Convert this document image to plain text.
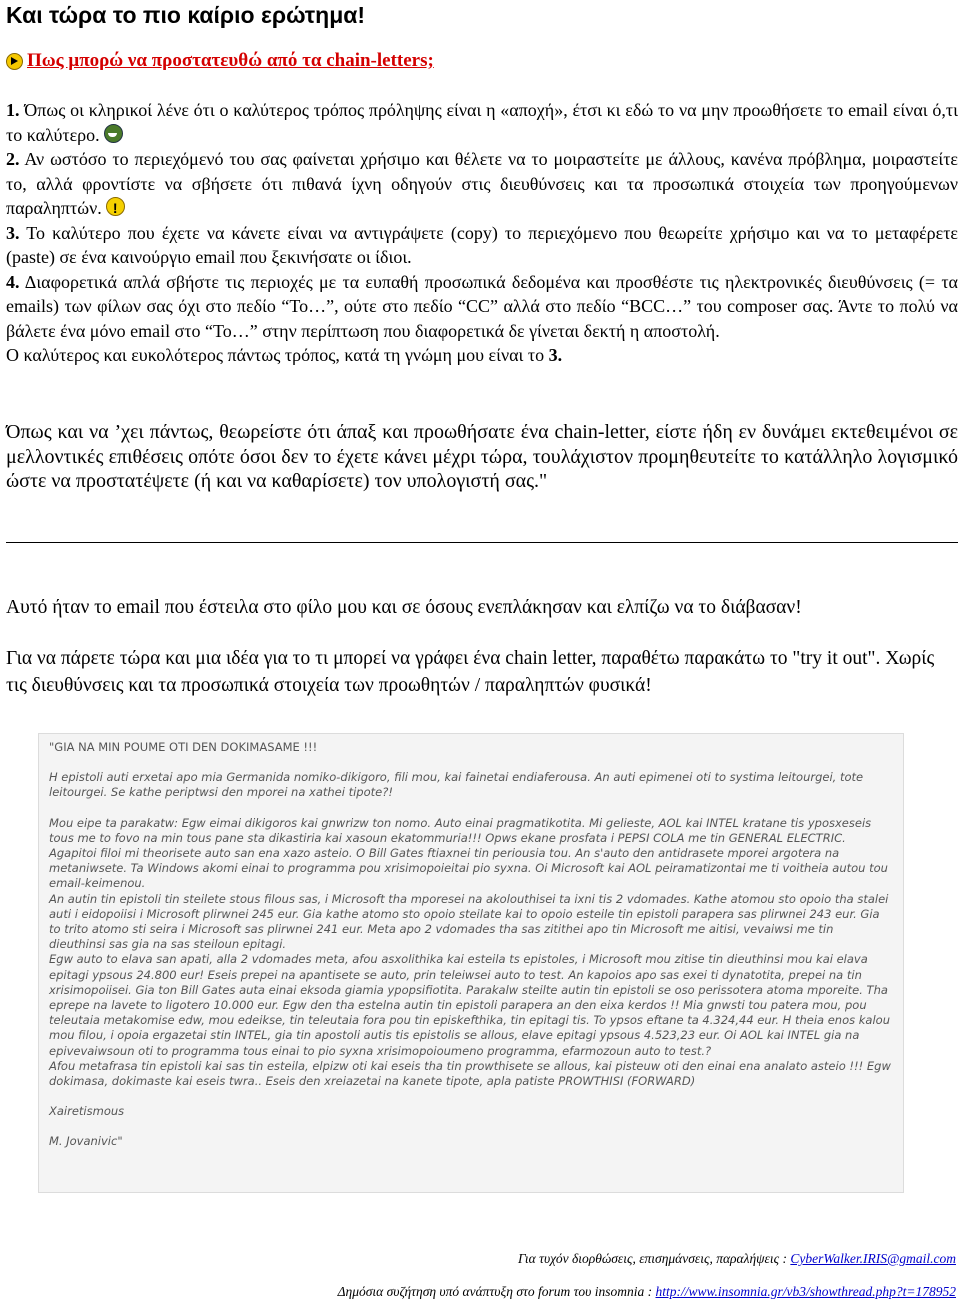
Και τώρα το πιο καίριο ερώτημα!
Πως μπορώ να προστατευθώ από τα chain-letters;

1. Όπως οι κληρικοί λένε ότι ο καλύτερος τρόπος πρόληψης είναι η «αποχή», έτσι κι εδώ το να μην προωθήσετε το email είναι ό,τι το καλύτερο.

2. Αν ωστόσο το περιεχόμενό του σας φαίνεται χρήσιμο και θέλετε να το μοιραστείτε με άλλους, κανένα πρόβλημα, μοιραστείτε το, αλλά φροντίστε να σβήσετε ότι πιθανά ίχνη οδηγούν στις διευθύνσεις και τα προσωπικά στοιχεία των προηγούμενων παραληπτών.!

3. Το καλύτερο που έχετε να κάνετε είναι να αντιγράψετε (copy) το περιεχόμενο που θεωρείτε χρήσιμο και να το μεταφέρετε (paste) σε ένα καινούργιο email που ξεκινήσατε οι ίδιοι.

4. Διαφορετικά απλά σβήστε τις περιοχές με τα ευπαθή προσωπικά δεδομένα και προσθέστε τις ηλεκτρονικές διευθύνσεις (= τα emails) των φίλων σας όχι στο πεδίο “To…”, ούτε στο πεδίο “CC” αλλά στο πεδίο “BCC…” του composer σας. Άντε το πολύ να βάλετε ένα μόνο email στο “To…” στην περίπτωση που διαφορετικά δε γίνεται δεκτή η αποστολή.

Ο καλύτερος και ευκολότερος πάντως τρόπος, κατά τη γνώμη μου είναι το 3.

Όπως και να ’χει πάντως, θεωρείστε ότι άπαξ και προωθήσατε ένα chain-letter, είστε ήδη εν δυνάμει εκτεθειμένοι σε μελλοντικές επιθέσεις οπότε όσοι δεν το έχετε κάνει μέχρι τώρα, τουλάχιστον προμηθευτείτε το κατάλληλο λογισμικό ώστε να προστατέψετε (ή και να καθαρίσετε) τον υπολογιστή σας."

Αυτό ήταν το email που έστειλα στο φίλο μου και σε όσους ενεπλάκησαν και ελπίζω να το διάβασαν!

Για να πάρετε τώρα και μια ιδέα για το τι μπορεί να γράφει ένα chain letter, παραθέτω παρακάτω το "try it out". Χωρίς τις διευθύνσεις και τα προσωπικά στοιχεία των προωθητών / παραληπτών φυσικά!

"GIA NA MIN POUME OTI DEN DOKIMASAME !!!

H epistoli auti erxetai apo mia Germanida nomiko-dikigoro, fili mou, kai fainetai endiaferousa. An auti epimenei oti to systima leitourgei, tote leitourgei. Se kathe periptwsi den mporei na xathei tipote?!

Mou eipe ta parakatw: Egw eimai dikigoros kai gnwrizw ton nomo. Auto einai pragmatikotita. Mi gelieste, AOL kai INTEL kratane tis yposxeseis tous me to fovo na min tous pane sta dikastiria kai xasoun ekatommuria!!! Opws ekane prosfata i PEPSI COLA me tin GENERAL ELECTRIC.

Agapitoi filoi mi theorisete auto san ena xazo asteio. O Bill Gates ftiaxnei tin periousia tou. An s'auto den antidrasete mporei argotera na metaniwsete. Ta Windows akomi einai to programma pou xrisimopoieitai pio syxna. Oi Microsoft kai AOL peiramatizontai me ti voitheia autou tou email-keimenou.

An autin tin epistoli tin steilete stous filous sas, i Microsoft tha mporesei na akolouthisei ta ixni tis 2 vdomades. Kathe atomou sto opoio tha stalei auti i eidopoiisi i Microsoft plirwnei 245 eur. Gia kathe atomo sto opoio steilate kai to opoio esteile tin epistoli parapera sas plirwnei 243 eur. Gia to trito atomo sti seira i Microsoft sas plirwnei 241 eur. Meta apo 2 vdomades tha sas zitithei apo tin Microsoft me aitisi, vevaiwsi me tin dieuthinsi sas gia na sas steiloun epitagi.

Egw auto to elava san apati, alla 2 vdomades meta, afou asxolithika kai esteila ts epistoles, i Microsoft mou zitise tin dieuthinsi mou kai elava epitagi ypsous 24.800 eur! Eseis prepei na apantisete se auto, prin teleiwsei auto to test. An kapoios apo sas exei ti dynatotita, prepei na tin xrisimopoiisei. Gia ton Bill Gates auta einai eksoda giamia ypopsifiotita. Parakalw steilte autin tin epistoli se oso perissotera atoma mporeite. Tha eprepe na lavete to ligotero 10.000 eur. Egw den tha estelna autin tin epistoli parapera an den eixa kerdos !! Mia gnwsti tou patera mou, pou teleutaia metakomise edw, mou edeikse, tin teleutaia fora pou tin episkefthika, tin epitagi tis. To ypsos eftane ta 4.324,44 eur. H theia enos kalou mou filou, i opoia ergazetai stin INTEL, gia tin apostoli autis tis epistolis se allous, elave epitagi ypsous 4.523,23 eur. Oi AOL kai INTEL gia na epivevaiwsoun oti to programma tous einai to pio syxna xrisimopoioumeno programma, efarmozoun auto to test.?

Afou metafrasa tin epistoli kai sas tin esteila, elpizw oti kai eseis tha tin prowthisete se allous, kai pisteuw oti den einai ena analato asteio !!! Egw dokimasa, dokimaste kai eseis twra.. Eseis den xreiazetai na kanete tipote, apla patiste PROWTHISI (FORWARD)

Xairetismous

M. Jovanivic"

Για τυχόν διορθώσεις, επισημάνσεις, παραλήψεις : CyberWalker.IRIS@gmail.com
Δημόσια συζήτηση υπό ανάπτυξη στο forum του insomnia : http://www.insomnia.gr/vb3/showthread.php?t=178952
